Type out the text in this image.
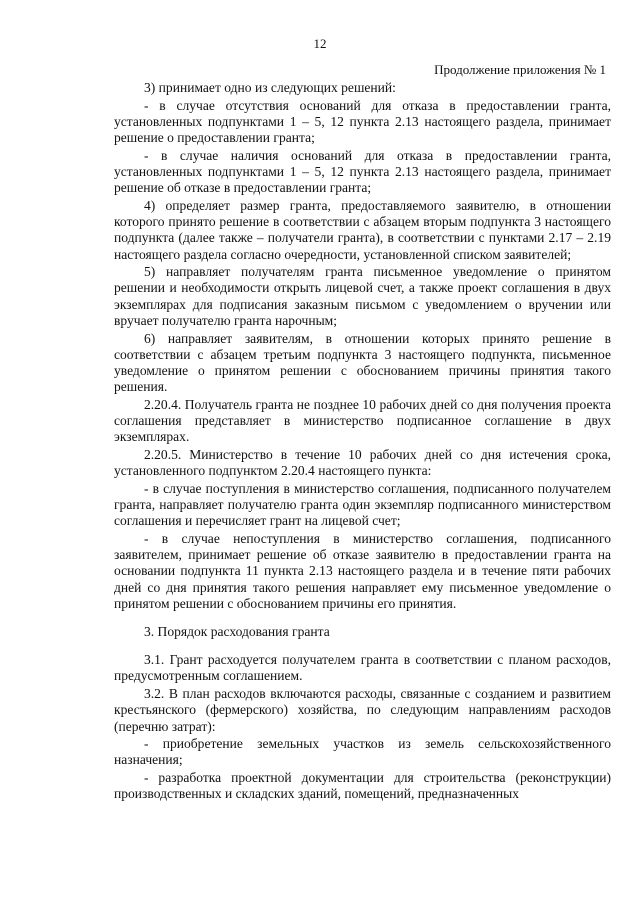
12
Продолжение приложения № 1

3) принимает одно из следующих решений:

- в случае отсутствия оснований для отказа в предоставлении гранта, установленных подпунктами 1 – 5, 12 пункта 2.13 настоящего раздела, принимает решение о предоставлении гранта;

- в случае наличия оснований для отказа в предоставлении гранта, установленных подпунктами 1 – 5, 12 пункта 2.13 настоящего раздела, принимает решение об отказе в предоставлении гранта;

4) определяет размер гранта, предоставляемого заявителю, в отношении которого принято решение в соответствии с абзацем вторым подпункта 3 настоящего подпункта (далее также – получатели гранта), в соответствии с пунктами 2.17 – 2.19 настоящего раздела согласно очередности, установленной списком заявителей;

5) направляет получателям гранта письменное уведомление о принятом решении и необходимости открыть лицевой счет, а также проект соглашения в двух экземплярах для подписания заказным письмом с уведомлением о вручении или вручает получателю гранта нарочным;

6) направляет заявителям, в отношении которых принято решение в соответствии с абзацем третьим подпункта 3 настоящего подпункта, письменное уведомление о принятом решении с обоснованием причины принятия такого решения.

2.20.4. Получатель гранта не позднее 10 рабочих дней со дня получения проекта соглашения представляет в министерство подписанное соглашение в двух экземплярах.

2.20.5. Министерство в течение 10 рабочих дней со дня истечения срока, установленного подпунктом 2.20.4 настоящего пункта:

- в случае поступления в министерство соглашения, подписанного получателем гранта, направляет получателю гранта один экземпляр подписанного министерством соглашения и перечисляет грант на лицевой счет;

- в случае непоступления в министерство соглашения, подписанного заявителем, принимает решение об отказе заявителю в предоставлении гранта на основании подпункта 11 пункта 2.13 настоящего раздела и в течение пяти рабочих дней со дня принятия такого решения направляет ему письменное уведомление о принятом решении с обоснованием причины его принятия.

3. Порядок расходования гранта

3.1. Грант расходуется получателем гранта в соответствии с планом расходов, предусмотренным соглашением.

3.2. В план расходов включаются расходы, связанные с созданием и развитием крестьянского (фермерского) хозяйства, по следующим направлениям расходов (перечню затрат):

- приобретение земельных участков из земель сельскохозяйственного назначения;

- разработка проектной документации для строительства (реконструкции) производственных и складских зданий, помещений, предназначенных
